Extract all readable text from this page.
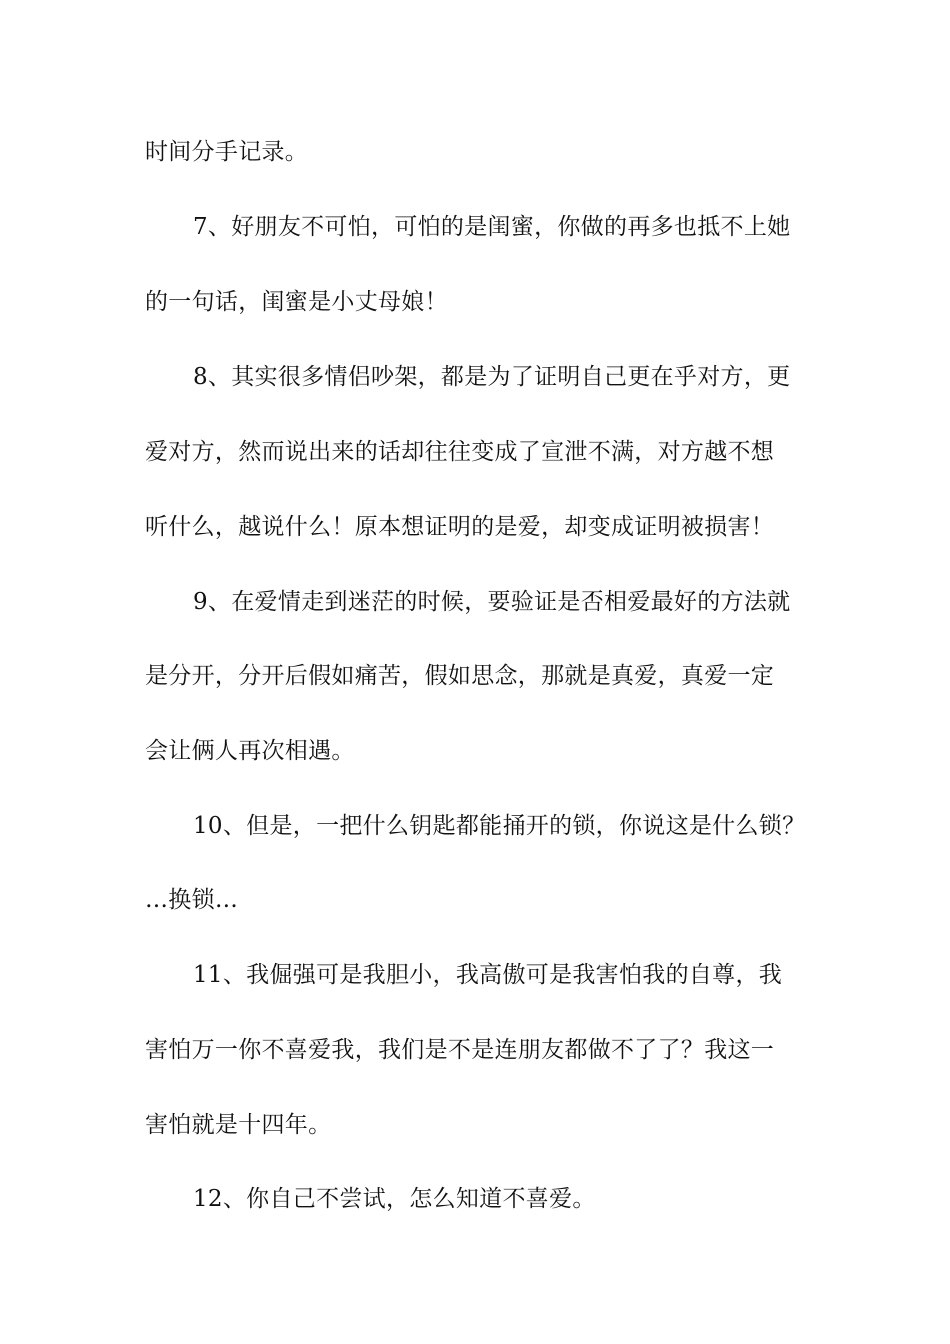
时间分手记录。
7、好朋友不可怕，可怕的是闺蜜，你做的再多也抵不上她
的一句话，闺蜜是小丈母娘！
8、其实很多情侣吵架，都是为了证明自己更在乎对方，更
爱对方，然而说出来的话却往往变成了宣泄不满，对方越不想
听什么，越说什么！原本想证明的是爱，却变成证明被损害！
9、在爱情走到迷茫的时候，要验证是否相爱最好的方法就
是分开，分开后假如痛苦，假如思念，那就是真爱，真爱一定
会让俩人再次相遇。
10、但是，一把什么钥匙都能捅开的锁，你说这是什么锁？
…换锁…
11、我倔强可是我胆小，我高傲可是我害怕我的自尊，我
害怕万一你不喜爱我，我们是不是连朋友都做不了了？我这一
害怕就是十四年。
12、你自己不尝试，怎么知道不喜爱。
